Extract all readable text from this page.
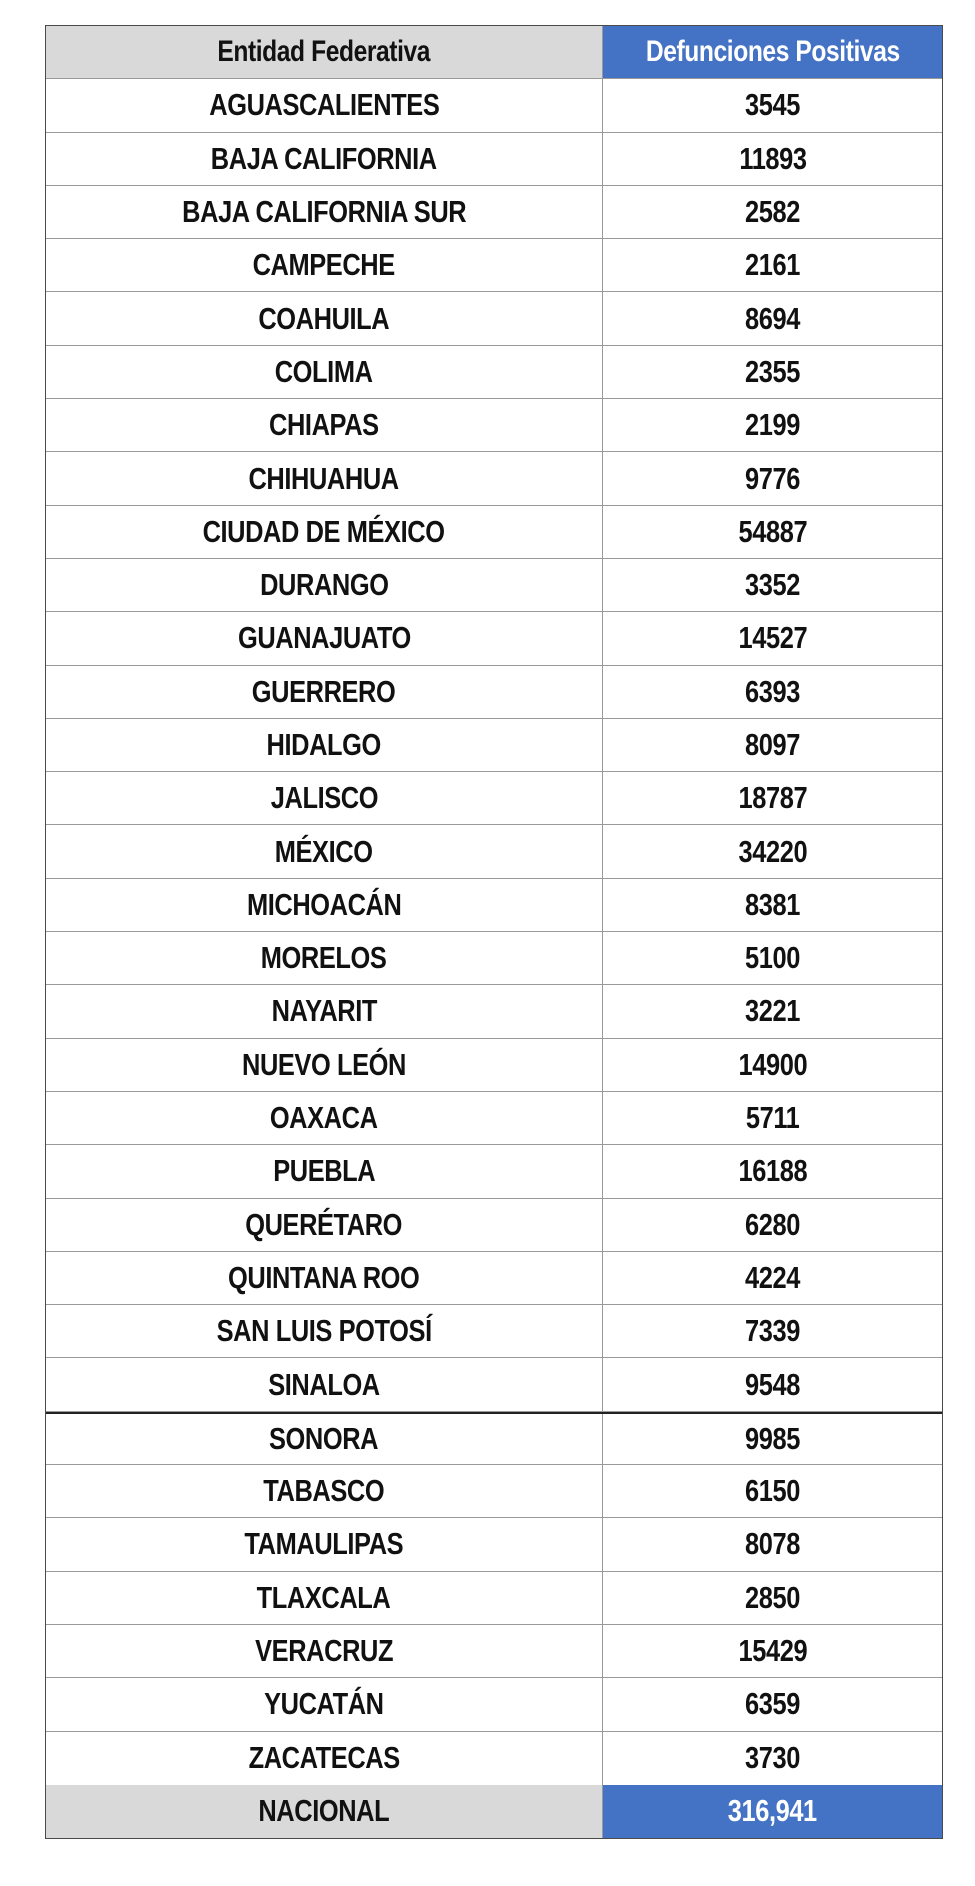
Entidad Federativa	Defunciones Positivas
AGUASCALIENTES	3545
BAJA CALIFORNIA	11893
BAJA CALIFORNIA SUR	2582
CAMPECHE	2161
COAHUILA	8694
COLIMA	2355
CHIAPAS	2199
CHIHUAHUA	9776
CIUDAD DE MÉXICO	54887
DURANGO	3352
GUANAJUATO	14527
GUERRERO	6393
HIDALGO	8097
JALISCO	18787
MÉXICO	34220
MICHOACÁN	8381
MORELOS	5100
NAYARIT	3221
NUEVO LEÓN	14900
OAXACA	5711
PUEBLA	16188
QUERÉTARO	6280
QUINTANA ROO	4224
SAN LUIS POTOSÍ	7339
SINALOA	9548
SONORA	9985
TABASCO	6150
TAMAULIPAS	8078
TLAXCALA	2850
VERACRUZ	15429
YUCATÁN	6359
ZACATECAS	3730
NACIONAL	316,941
